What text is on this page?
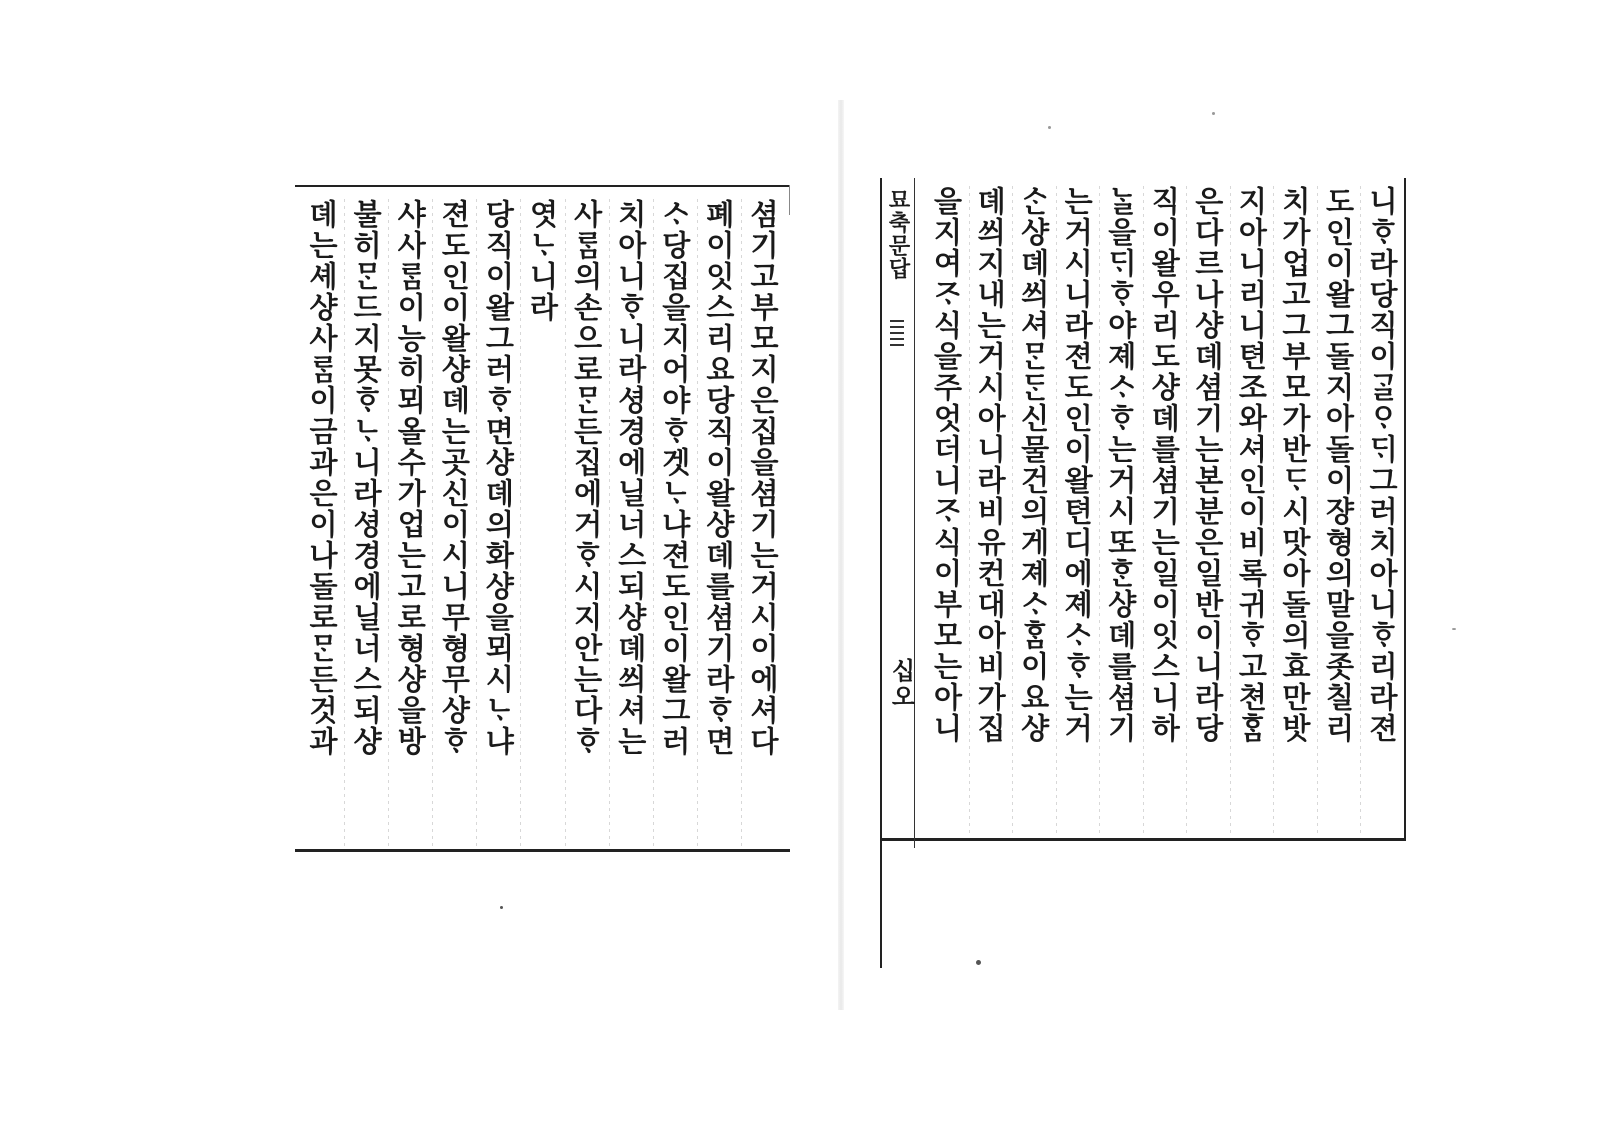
셤기고부모지은집을셤기는거시이에셔다
폐이잇스리요당직이왈샹뎨를셤기라ᄒᆞ면
ᄉᆞ당집을지어야ᄒᆞ겟ᄂᆞ냐젼도인이왈그러
치아니ᄒᆞ니라셩경에닐너스되샹뎨씌셔는
사ᄅᆞᆷ의손으로ᄆᆞᆫ든집에거ᄒᆞ시지안는다ᄒᆞ
엿ᄂᆞ니라
당직이왈그러ᄒᆞ면샹뎨의화샹을뫼시ᄂᆞ냐
젼도인이왈샹뎨는곳신이시니무형무샹ᄒᆞ
샤사ᄅᆞᆷ이능히뫼올수가업는고로형샹을방
불히ᄆᆞᆫ드지못ᄒᆞᄂᆞ니라셩경에닐너스되샹
뎨는셰샹사ᄅᆞᆷ이금과은이나돌로ᄆᆞᆫ든것과	묘축문답
십오	니ᄒᆞ라당직이ᄀᆞᆯᄋᆞᄃᆡ그러치아니ᄒᆞ리라젼
도인이왈그돌지아돌이쟝형의말을좃칠리
치가업고그부모가반ᄃᆞ시맛아돌의효만밧
지아니리니텬조와셔인이비록귀ᄒᆞ고쳔ᄒᆞᆷ
은다르나샹뎨셤기는본분은일반이니라당
직이왈우리도샹뎨를셤기는일이잇스니하
ᄂᆞᆯ을ᄃᆡᄒᆞ야졔ᄉᆞᄒᆞ는거시또ᄒᆞᆫ샹뎨를셤기
는거시니라젼도인이왈텬디에졔ᄉᆞᄒᆞ는거
ᄉᆞᆫ샹뎨씌셔ᄆᆞᆫᄃᆞᆫ신물건의게졔ᄉᆞᄒᆞᆷ이요샹
뎨씌지내는거시아니라비유컨대아비가집
을지여ᄌᆞ식을주엇더니ᄌᆞ식이부모는아니
